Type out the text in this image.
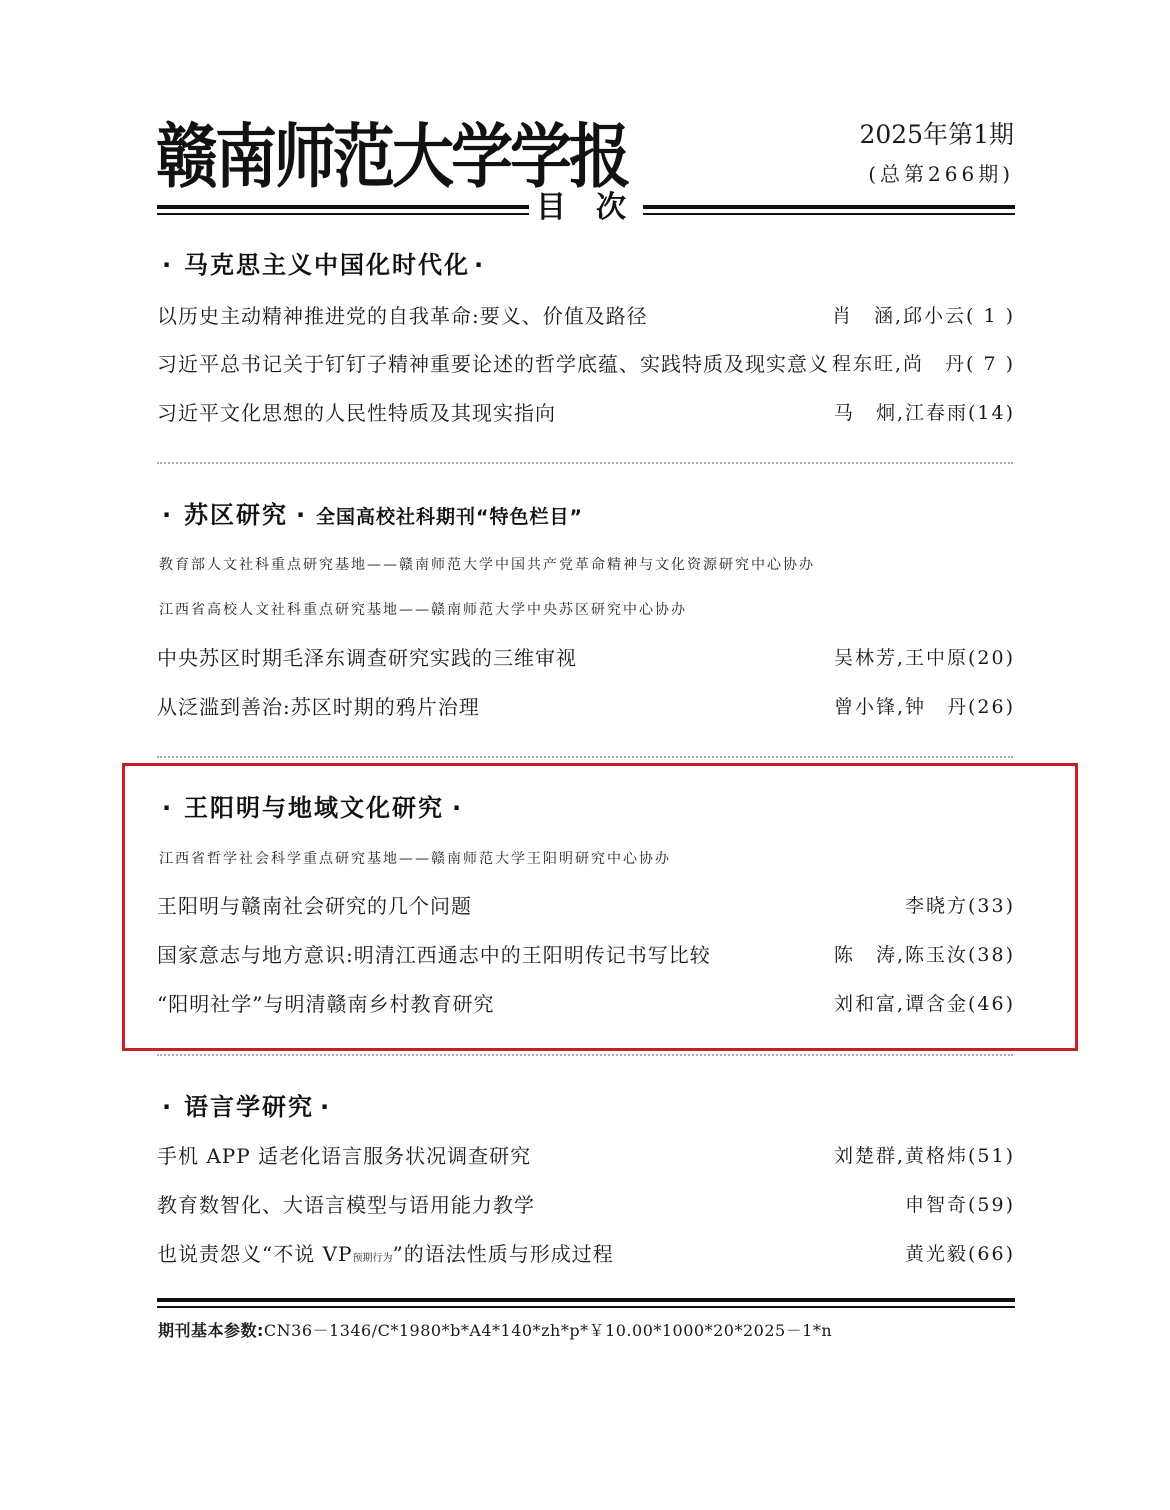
赣南师范大学学报	2025年第1期
(总第266期)
目次
· 马克思主义中国化时代化 ·
以历史主动精神推进党的自我革命:要义、价值及路径	肖　涵,邱小云( 1 )
习近平总书记关于钉钉子精神重要论述的哲学底蕴、实践特质及现实意义 程东旺,尚　丹( 7 )
习近平文化思想的人民性特质及其现实指向	马　炯,江春雨(14)
· 苏区研究 · 全国高校社科期刊“特色栏目”
教育部人文社科重点研究基地——赣南师范大学中国共产党革命精神与文化资源研究中心协办
江西省高校人文社科重点研究基地——赣南师范大学中央苏区研究中心协办
中央苏区时期毛泽东调查研究实践的三维审视	吴林芳,王中原(20)
从泛滥到善治:苏区时期的鸦片治理	曾小锋,钟　丹(26)
· 王阳明与地域文化研究 ·
江西省哲学社会科学重点研究基地——赣南师范大学王阳明研究中心协办
王阳明与赣南社会研究的几个问题	李晓方(33)
国家意志与地方意识:明清江西通志中的王阳明传记书写比较	陈　涛,陈玉汝(38)
“阳明社学”与明清赣南乡村教育研究	刘和富,谭含金(46)
· 语言学研究 ·
手机 APP 适老化语言服务状况调查研究	刘楚群,黄格炜(51)
教育数智化、大语言模型与语用能力教学	申智奇(59)
也说责怨义“不说 VP预期行为”的语法性质与形成过程	黄光毅(66)
期刊基本参数:CN36－1346/C*1980*b*A4*140*zh*p*￥10.00*1000*20*2025－1*n
